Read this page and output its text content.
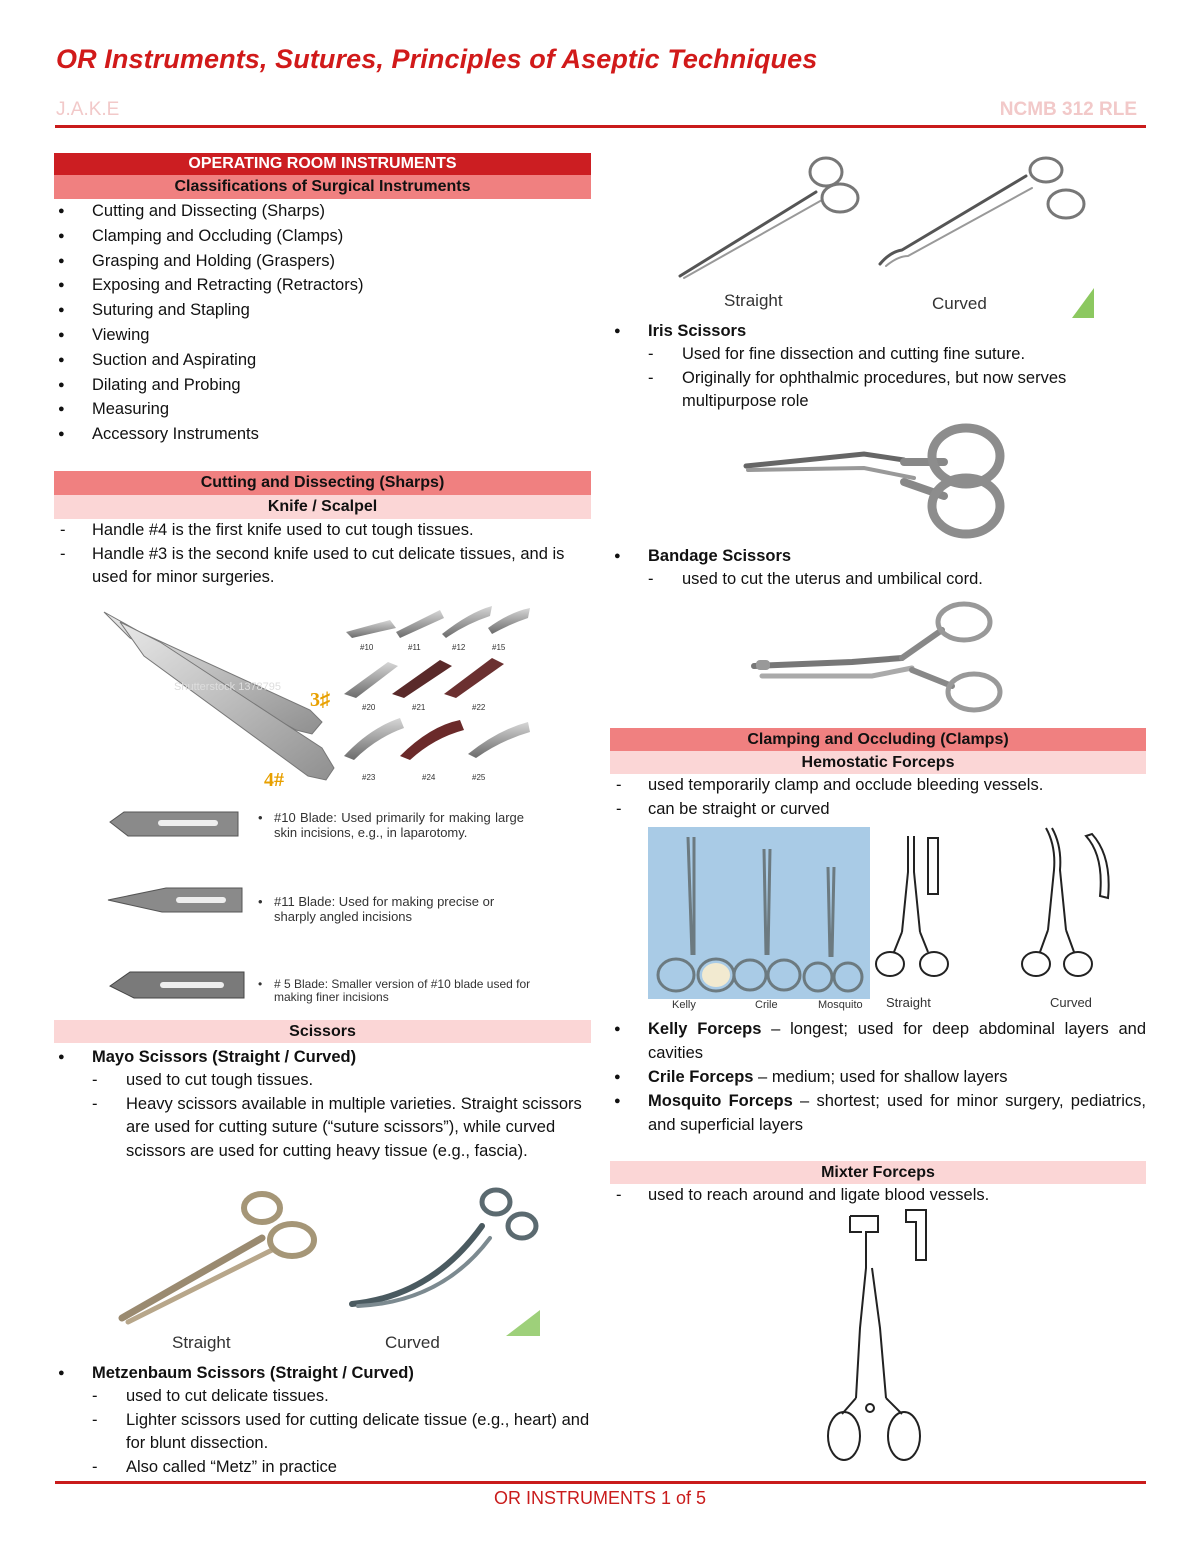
OR Instruments, Sutures, Principles of Aseptic Techniques
J.A.K.E	NCMB 312 RLE
OPERATING ROOM INSTRUMENTS
Classifications of Surgical Instruments
● Cutting and Dissecting (Sharps)
● Clamping and Occluding (Clamps)
● Grasping and Holding (Graspers)
● Exposing and Retracting (Retractors)
● Suturing and Stapling
● Viewing
● Suction and Aspirating
● Dilating and Probing
● Measuring
● Accessory Instruments
Cutting and Dissecting (Sharps)
Knife / Scalpel
- Handle #4 is the first knife used to cut tough tissues.
- Handle #3 is the second knife used to cut delicate tissues, and is used for minor surgeries.
Shutterstock 1378795
3♯
4#
#10	#11	#12	#15
#20	#21	#22
#23	#24	#25
• #10 Blade: Used primarily for making large skin incisions, e.g., in laparotomy.
• #11 Blade: Used for making precise or sharply angled incisions
• # 5 Blade: Smaller version of #10 blade used for making finer incisions
Scissors
● Mayo Scissors (Straight / Curved)
- used to cut tough tissues.
- Heavy scissors available in multiple varieties. Straight scissors are used for cutting suture (“suture scissors”), while curved scissors are used for cutting heavy tissue (e.g., fascia).
Straight	Curved
● Metzenbaum Scissors (Straight / Curved)
- used to cut delicate tissues.
- Lighter scissors used for cutting delicate tissue (e.g., heart) and for blunt dissection.
- Also called “Metz” in practice
Straight	Curved
● Iris Scissors
- Used for fine dissection and cutting fine suture.
- Originally for ophthalmic procedures, but now serves multipurpose role
● Bandage Scissors
- used to cut the uterus and umbilical cord.
Clamping and Occluding (Clamps)
Hemostatic Forceps
- used temporarily clamp and occlude bleeding vessels.
- can be straight or curved
Kelly	Crile	Mosquito Straight	Curved
● Kelly Forceps – longest; used for deep abdominal layers and cavities
● Crile Forceps – medium; used for shallow layers
● Mosquito Forceps – shortest; used for minor surgery, pediatrics, and superficial layers
Mixter Forceps
- used to reach around and ligate blood vessels.
OR INSTRUMENTS 1 of 5
